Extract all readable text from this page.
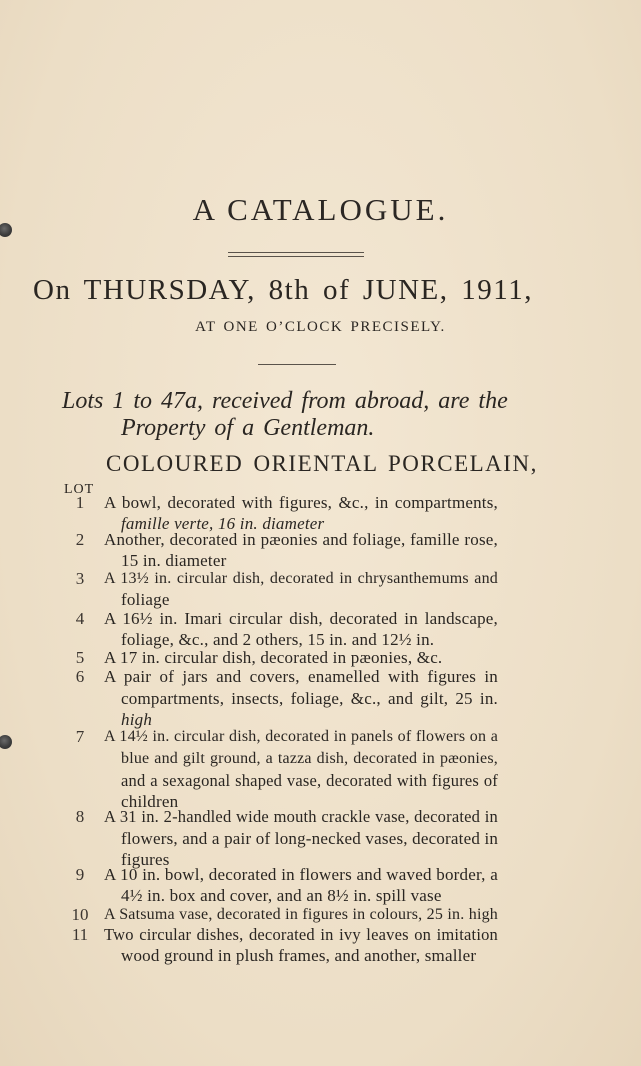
A CATALOGUE.
On THURSDAY, 8th of JUNE, 1911,
AT ONE O’CLOCK PRECISELY.
Lots 1 to 47a, received from abroad, are the
Property of a Gentleman.
COLOURED ORIENTAL PORCELAIN,
LOT
1	A bowl, decorated with figures, &c., in compartments,
famille verte, 16 in. diameter
2	Another, decorated in pæonies and foliage, famille rose,
15 in. diameter
3	A 13½ in. circular dish, decorated in chrysanthemums and
foliage
4	A 16½ in. Imari circular dish, decorated in landscape,
foliage, &c., and 2 others, 15 in. and 12½ in.
5	A 17 in. circular dish, decorated in pæonies, &c.
6	A pair of jars and covers, enamelled with figures in
compartments, insects, foliage, &c., and gilt, 25 in.
high
7	A 14½ in. circular dish, decorated in panels of flowers on a
blue and gilt ground, a tazza dish, decorated in pæonies,
and a sexagonal shaped vase, decorated with figures of
children
8	A 31 in. 2-handled wide mouth crackle vase, decorated in
flowers, and a pair of long-necked vases, decorated in
figures
9	A 10 in. bowl, decorated in flowers and waved border, a
4½ in. box and cover, and an 8½ in. spill vase
10 A Satsuma vase, decorated in figures in colours, 25 in. high
11 Two circular dishes, decorated in ivy leaves on imitation
wood ground in plush frames, and another, smaller
